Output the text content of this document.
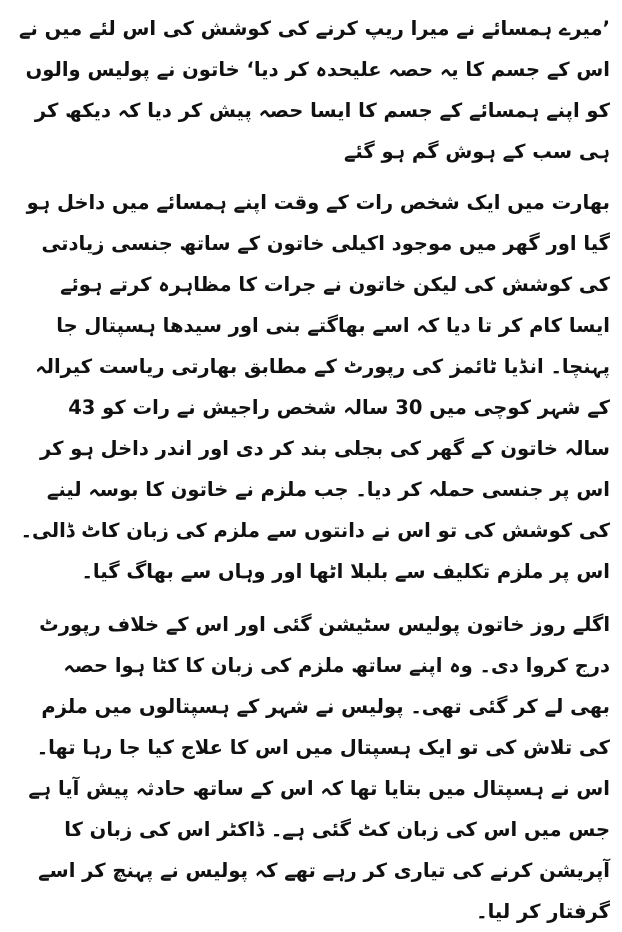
’میرے ہمسائے نے میرا ریپ کرنے کی کوشش کی اس لئے میں نے اس کے جسم کا یہ حصہ علیحدہ کر دیا‘ خاتون نے پولیس والوں کو اپنے ہمسائے کے جسم کا ایسا حصہ پیش کر دیا کہ دیکھ کر ہی سب کے ہوش گم ہو گئے

بھارت میں ایک شخص رات کے وقت اپنے ہمسائے میں داخل ہو گیا اور گھر میں موجود اکیلی خاتون کے ساتھ جنسی زیادتی کی کوشش کی لیکن خاتون نے جرات کا مظاہرہ کرتے ہوئے ایسا کام کر تا دیا کہ اسے بھاگتے بنی اور سیدھا ہسپتال جا پہنچا۔ انڈیا ٹائمز کی رپورٹ کے مطابق بھارتی ریاست کیرالہ کے شہر کوچی میں 30 سالہ شخص راجیش نے رات کو 43 سالہ خاتون کے گھر کی بجلی بند کر دی اور اندر داخل ہو کر اس پر جنسی حملہ کر دیا۔ جب ملزم نے خاتون کا بوسہ لینے کی کوشش کی تو اس نے دانتوں سے ملزم کی زبان کاٹ ڈالی۔ اس پر ملزم تکلیف سے بلبلا اٹھا اور وہاں سے بھاگ گیا۔

اگلے روز خاتون پولیس سٹیشن گئی اور اس کے خلاف رپورٹ درج کروا دی۔ وہ اپنے ساتھ ملزم کی زبان کا کٹا ہوا حصہ بھی لے کر گئی تھی۔ پولیس نے شہر کے ہسپتالوں میں ملزم کی تلاش کی تو ایک ہسپتال میں اس کا علاج کیا جا رہا تھا۔ اس نے ہسپتال میں بتایا تھا کہ اس کے ساتھ حادثہ پیش آیا ہے جس میں اس کی زبان کٹ گئی ہے۔ ڈاکٹر اس کی زبان کا آپریشن کرنے کی تیاری کر رہے تھے کہ پولیس نے پہنچ کر اسے گرفتار کر لیا۔
